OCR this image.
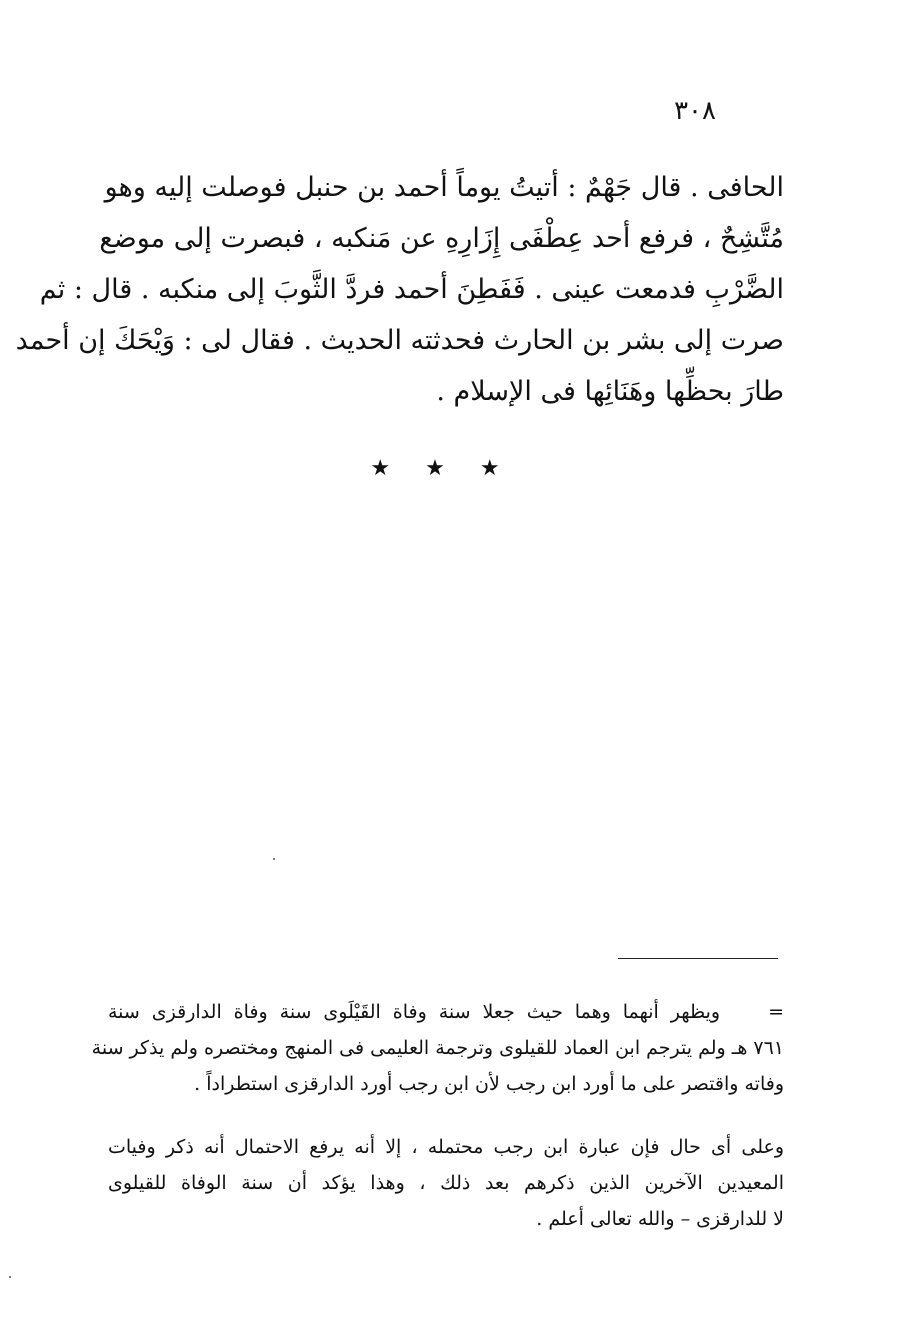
٣٠٨
الحافى . قال جَهْمٌ : أتيتُ يوماً أحمد بن حنبل فوصلت إليه وهو
مُتَّشِحٌ ، فرفع أحد عِطْفَى إِزَارِهِ عن مَنكبه ، فبصرت إلى موضع
الضَّرْبِ فدمعت عينى . فَفَطِنَ أحمد فردَّ الثَّوبَ إلى منكبه . قال : ثم
صرت إلى بشر بن الحارث فحدثته الحديث . فقال لى : وَيْحَكَ إن أحمد
طارَ بحظِّها وهَنَائِها فى الإسلام .
★ ★ ★
=ويظهر أنهما وهما حيث جعلا سنة وفاة القَيْلَوى سنة وفاة الدارقزى سنة
٧٦١ هـ ولم يترجم ابن العماد للقيلوى وترجمة العليمى فى المنهج ومختصره ولم يذكر سنة
وفاته واقتصر على ما أورد ابن رجب لأن ابن رجب أورد الدارقزى استطراداً .
وعلى أى حال فإن عبارة ابن رجب محتمله ، إلا أنه يرفع الاحتمال أنه ذكر وفيات
المعيدين الآخرين الذين ذكرهم بعد ذلك ، وهذا يؤكد أن سنة الوفاة للقيلوى
لا للدارقزى – والله تعالى أعلم .
